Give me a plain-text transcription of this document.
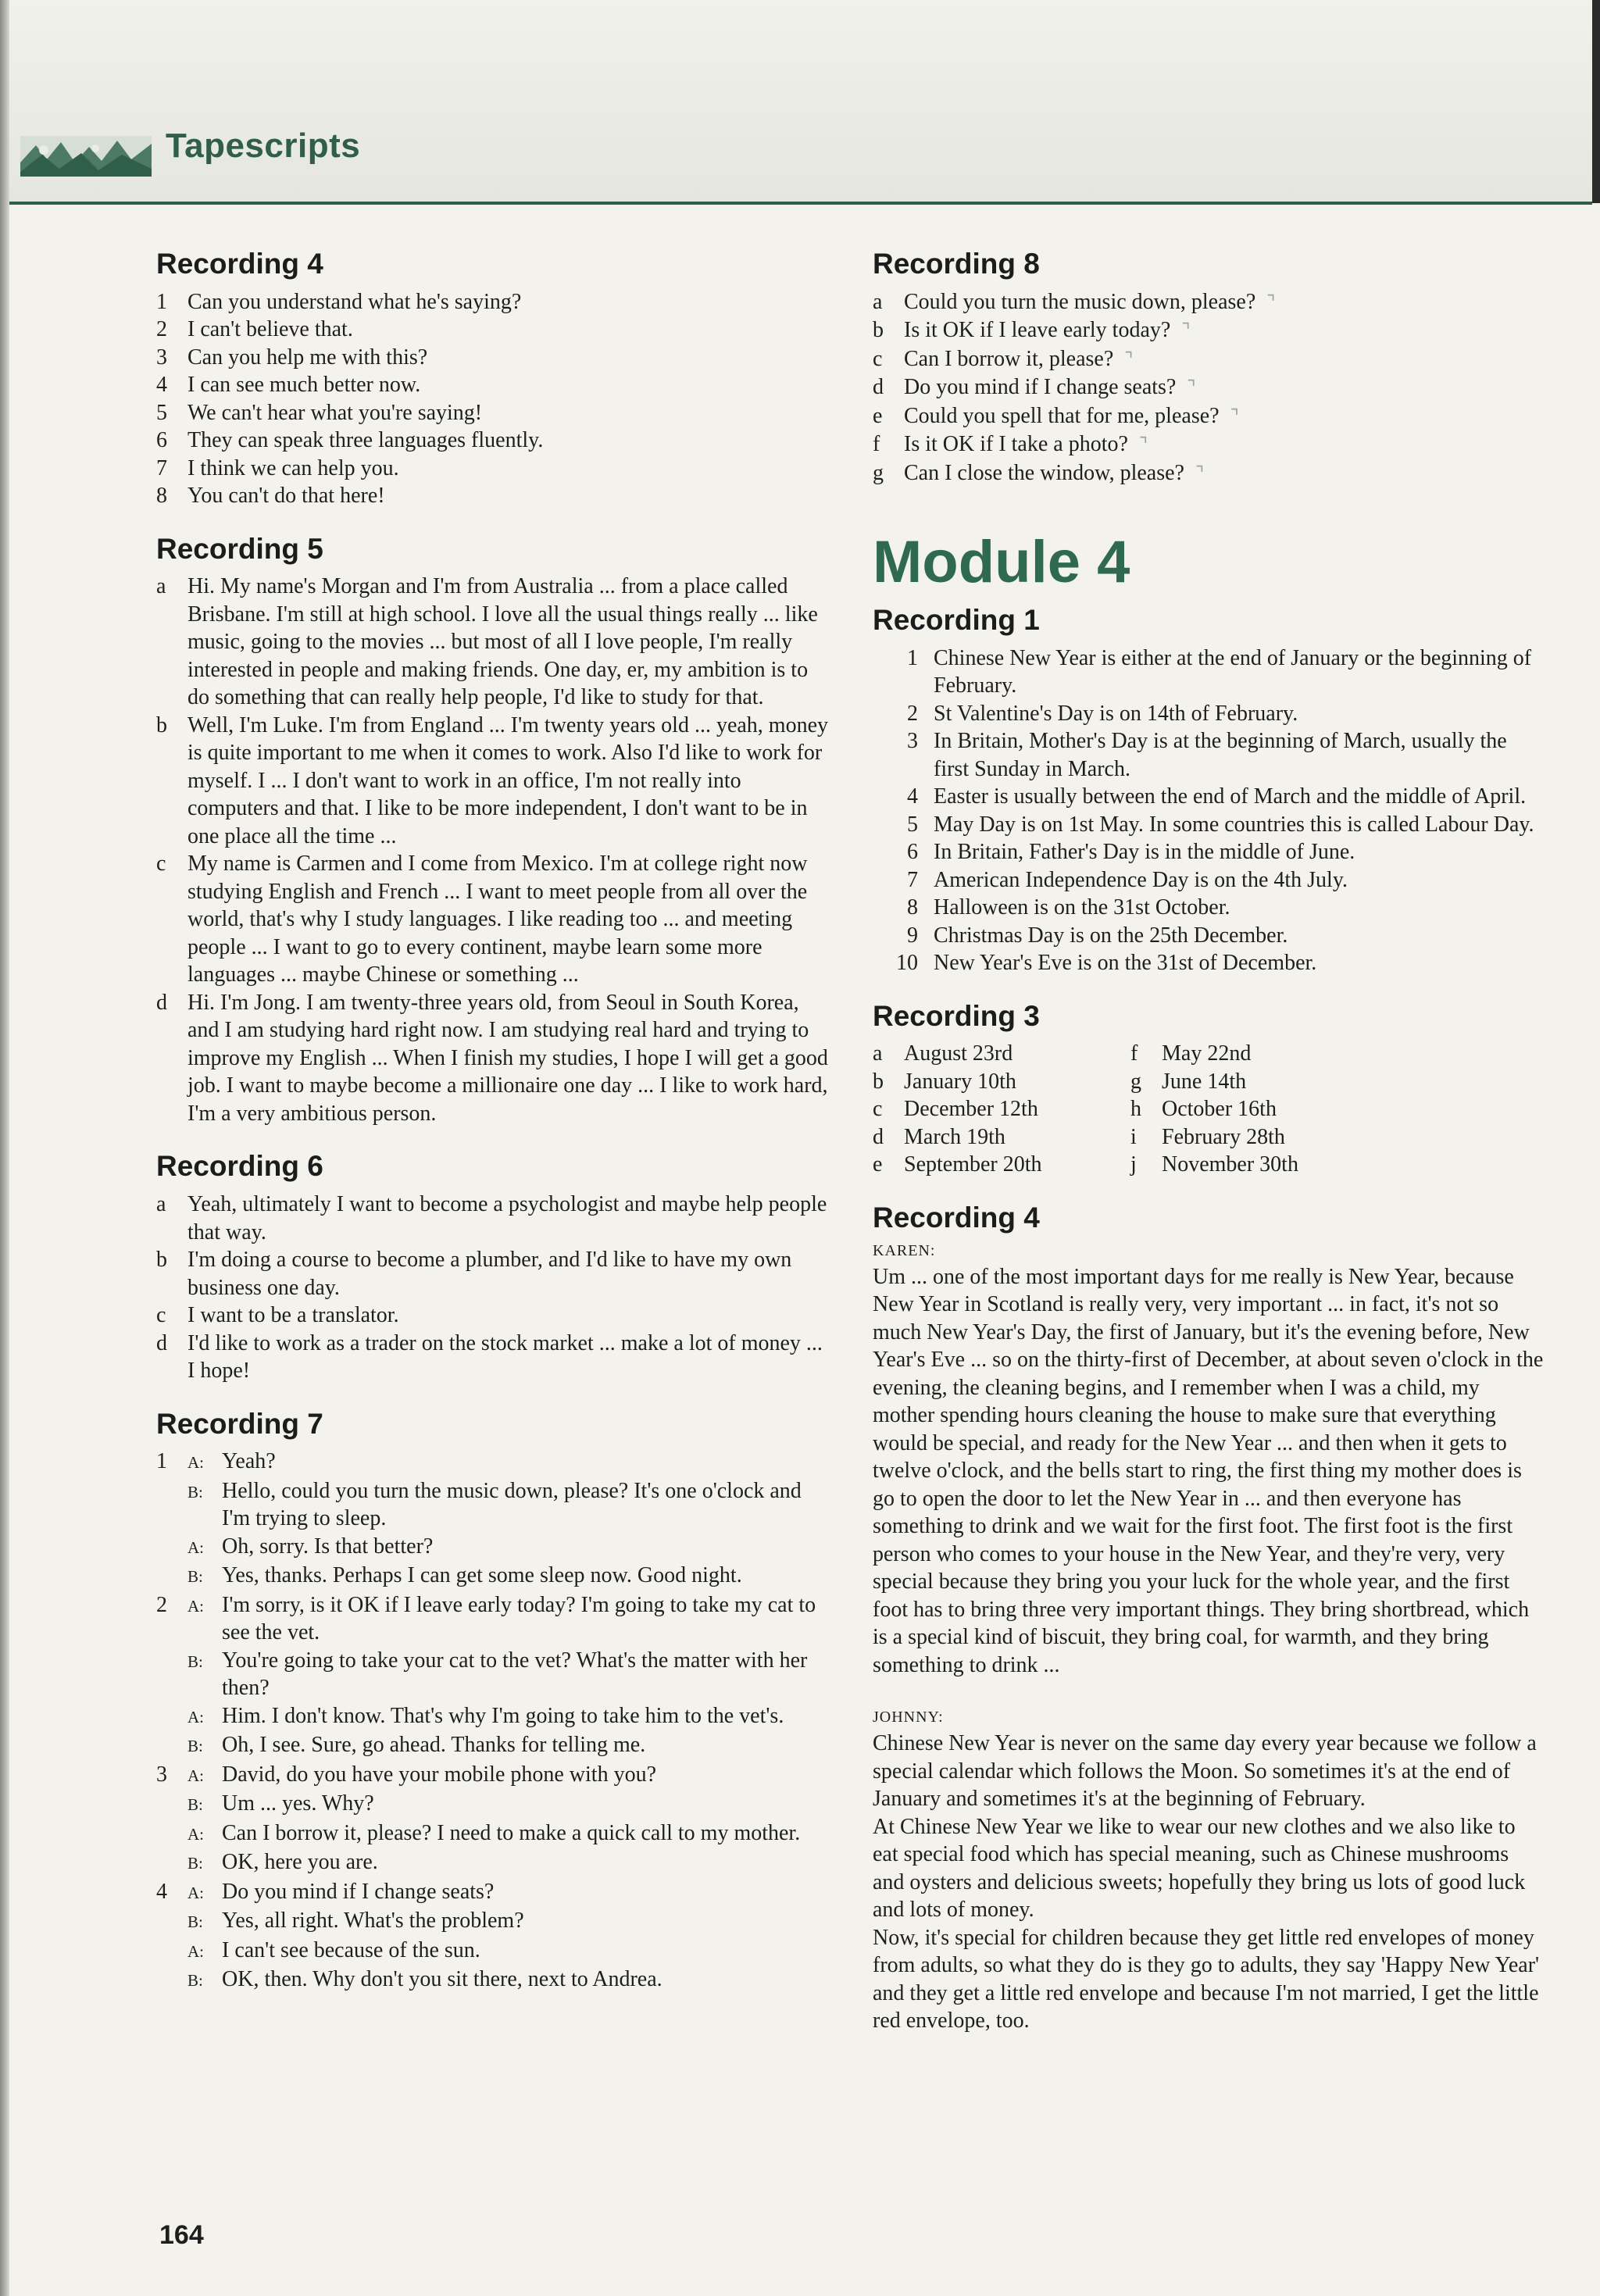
Tapescripts
Recording 4
1 Can you understand what he's saying?
2 I can't believe that.
3 Can you help me with this?
4 I can see much better now.
5 We can't hear what you're saying!
6 They can speak three languages fluently.
7 I think we can help you.
8 You can't do that here!
Recording 5
a Hi. My name's Morgan and I'm from Australia ... from a place called Brisbane. I'm still at high school. I love all the usual things really ... like music, going to the movies ... but most of all I love people, I'm really interested in people and making friends. One day, er, my ambition is to do something that can really help people, I'd like to study for that.
b Well, I'm Luke. I'm from England ... I'm twenty years old ... yeah, money is quite important to me when it comes to work. Also I'd like to work for myself. I ... I don't want to work in an office, I'm not really into computers and that. I like to be more independent, I don't want to be in one place all the time ...
c My name is Carmen and I come from Mexico. I'm at college right now studying English and French ... I want to meet people from all over the world, that's why I study languages. I like reading too ... and meeting people ... I want to go to every continent, maybe learn some more languages ... maybe Chinese or something ...
d Hi. I'm Jong. I am twenty-three years old, from Seoul in South Korea, and I am studying hard right now. I am studying real hard and trying to improve my English ... When I finish my studies, I hope I will get a good job. I want to maybe become a millionaire one day ... I like to work hard, I'm a very ambitious person.
Recording 6
a Yeah, ultimately I want to become a psychologist and maybe help people that way.
b I'm doing a course to become a plumber, and I'd like to have my own business one day.
c I want to be a translator.
d I'd like to work as a trader on the stock market ... make a lot of money ... I hope!
Recording 7
1	A: Yeah?
B: Hello, could you turn the music down, please? It's one o'clock and I'm trying to sleep.
A: Oh, sorry. Is that better?
B: Yes, thanks. Perhaps I can get some sleep now. Good night.
2	A: I'm sorry, is it OK if I leave early today? I'm going to take my cat to see the vet.
B: You're going to take your cat to the vet? What's the matter with her then?
A: Him. I don't know. That's why I'm going to take him to the vet's.
B: Oh, I see. Sure, go ahead. Thanks for telling me.
3	A: David, do you have your mobile phone with you?
B: Um ... yes. Why?
A: Can I borrow it, please? I need to make a quick call to my mother.
B: OK, here you are.
4	A: Do you mind if I change seats?
B: Yes, all right. What's the problem?
A: I can't see because of the sun.
B: OK, then. Why don't you sit there, next to Andrea.
Recording 8
a Could you turn the music down, please? ⌝
b Is it OK if I leave early today? ⌝
c Can I borrow it, please? ⌝
d Do you mind if I change seats? ⌝
e Could you spell that for me, please? ⌝
f	Is it OK if I take a photo? ⌝
g Can I close the window, please? ⌝
Module 4
Recording 1
1 Chinese New Year is either at the end of January or the beginning of February.
2 St Valentine's Day is on 14th of February.
3 In Britain, Mother's Day is at the beginning of March, usually the first Sunday in March.
4 Easter is usually between the end of March and the middle of April.
5 May Day is on 1st May. In some countries this is called Labour Day.
6 In Britain, Father's Day is in the middle of June.
7 American Independence Day is on the 4th July.
8 Halloween is on the 31st October.
9 Christmas Day is on the 25th December.
10 New Year's Eve is on the 31st of December.
Recording 3
a August 23rd	f	May 22nd
b January 10th	g June 14th
c December 12th	h October 16th
d March 19th	i	February 28th
e September 20th	j	November 30th
Recording 4
KAREN:
Um ... one of the most important days for me really is New Year, because New Year in Scotland is really very, very important ... in fact, it's not so much New Year's Day, the first of January, but it's the evening before, New Year's Eve ... so on the thirty-first of December, at about seven o'clock in the evening, the cleaning begins, and I remember when I was a child, my mother spending hours cleaning the house to make sure that everything would be special, and ready for the New Year ... and then when it gets to twelve o'clock, and the bells start to ring, the first thing my mother does is go to open the door to let the New Year in ... and then everyone has something to drink and we wait for the first foot. The first foot is the first person who comes to your house in the New Year, and they're very, very special because they bring you your luck for the whole year, and the first foot has to bring three very important things. They bring shortbread, which is a special kind of biscuit, they bring coal, for warmth, and they bring something to drink ...
JOHNNY:
Chinese New Year is never on the same day every year because we follow a special calendar which follows the Moon. So sometimes it's at the end of January and sometimes it's at the beginning of February.
At Chinese New Year we like to wear our new clothes and we also like to eat special food which has special meaning, such as Chinese mushrooms and oysters and delicious sweets; hopefully they bring us lots of good luck and lots of money.
Now, it's special for children because they get little red envelopes of money from adults, so what they do is they go to adults, they say 'Happy New Year' and they get a little red envelope and because I'm not married, I get the little red envelope, too.
164
